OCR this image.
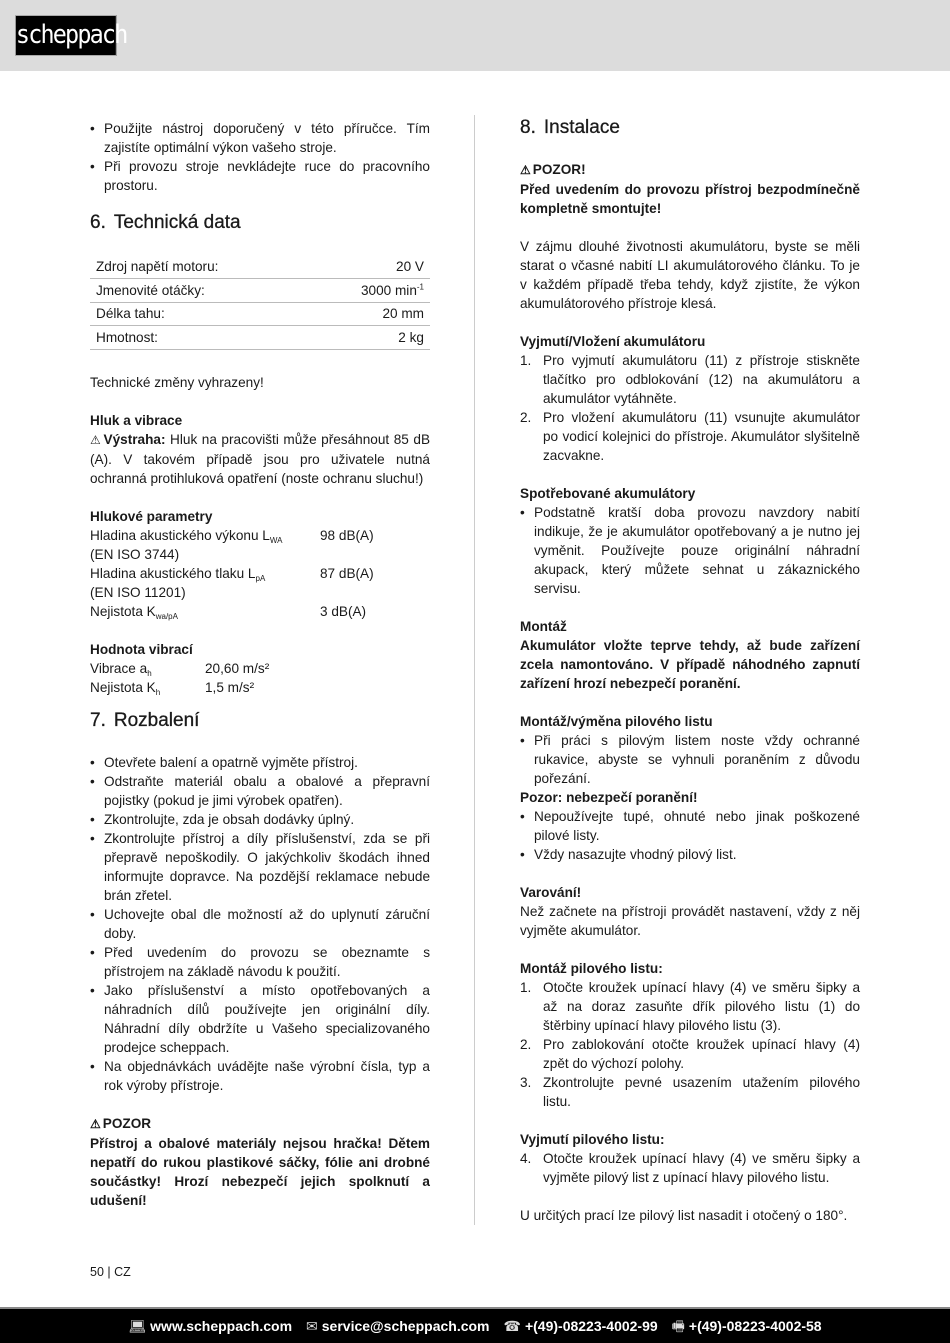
scheppach
• Použijte nástroj doporučený v této příručce. Tím zajistíte optimální výkon vašeho stroje.
• Při provozu stroje nevkládejte ruce do pracovního prostoru.
6. Technická data
Zdroj napětí motoru:	20 V
Jmenovité otáčky:	3000 $\min^{-1}$
Délka tahu:	20 mm
Hmotnost:	2 kg

Technické změny vyhrazeny!

Hluk a vibrace

⚠ Výstraha: Hluk na pracovišti může přesáhnout 85 dB (A). V takovém případě jsou pro uživatele nutná ochranná protihluková opatření (noste ochranu sluchu!)

Hlukové parametry

Hladina akustického výkonu $L_{WA}$	98 dB(A)
(EN ISO 3744)
Hladina akustického tlaku $L_{pA}$	87 dB(A)
(EN ISO 11201)
Nejistota $K_{wa/pA}$	3 dB(A)

Hodnota vibrací

Vibrace $a_h$	20,60 m/s²
Nejistota $K_h$	1,5 m/s²
7. Rozbalení
• Otevřete balení a opatrně vyjměte přístroj.
• Odstraňte materiál obalu a obalové a přepravní pojistky (pokud je jimi výrobek opatřen).
• Zkontrolujte, zda je obsah dodávky úplný.
• Zkontrolujte přístroj a díly příslušenství, zda se při přepravě nepoškodily. O jakýchkoliv škodách ihned informujte dopravce. Na pozdější reklamace nebude brán zřetel.
• Uchovejte obal dle možností až do uplynutí záruční doby.
• Před uvedením do provozu se obeznamte s přístrojem na základě návodu k použití.
• Jako příslušenství a místo opotřebovaných a náhradních dílů používejte jen originální díly. Náhradní díly obdržíte u Vašeho specializovaného prodejce scheppach.
• Na objednávkách uvádějte naše výrobní čísla, typ a rok výroby přístroje.

⚠ POZOR

Přístroj a obalové materiály nejsou hračka! Dětem nepatří do rukou plastikové sáčky, fólie ani drobné součástky! Hrozí nebezpečí jejich spolknutí a udušení!

8. Instalace

⚠ POZOR!

Před uvedením do provozu přístroj bezpodmínečně kompletně smontujte!

V zájmu dlouhé životnosti akumulátoru, byste se měli starat o včasné nabití LI akumulátorového článku. To je v každém případě třeba tehdy, když zjistíte, že výkon akumulátorového přístroje klesá.

Vyjmutí/Vložení akumulátoru

1. Pro vyjmutí akumulátoru (11) z přístroje stiskněte tlačítko pro odblokování (12) na akumulátoru a akumulátor vytáhněte.
2. Pro vložení akumulátoru (11) vsunujte akumulátor po vodicí kolejnici do přístroje. Akumulátor slyšitelně zacvakne.

Spotřebované akumulátory

• Podstatně kratší doba provozu navzdory nabití indikuje, že je akumulátor opotřebovaný a je nutno jej vyměnit. Používejte pouze originální náhradní akupack, který můžete sehnat u zákaznického servisu.

Montáž

Akumulátor vložte teprve tehdy, až bude zařízení zcela namontováno. V případě náhodného zapnutí zařízení hrozí nebezpečí poranění.

Montáž/výměna pilového listu

• Při práci s pilovým listem noste vždy ochranné rukavice, abyste se vyhnuli poraněním z důvodu pořezání.

Pozor: nebezpečí poranění!

• Nepoužívejte tupé, ohnuté nebo jinak poškozené pilové listy.
• Vždy nasazujte vhodný pilový list.

Varování!

Než začnete na přístroji provádět nastavení, vždy z něj vyjměte akumulátor.

Montáž pilového listu:

1. Otočte kroužek upínací hlavy (4) ve směru šipky a až na doraz zasuňte dřík pilového listu (1) do štěrbiny upínací hlavy pilového listu (3).
2. Pro zablokování otočte kroužek upínací hlavy (4) zpět do výchozí polohy.
3. Zkontrolujte pevné usazením utažením pilového listu.

Vyjmutí pilového listu:

4. Otočte kroužek upínací hlavy (4) ve směru šipky a vyjměte pilový list z upínací hlavy pilového listu.

U určitých prací lze pilový list nasadit i otočený o 180°.

50 | CZ
💻︎ www.scheppach.com ✉︎ service@scheppach.com ☎ +(49)-08223-4002-99 🖷︎ +(49)-08223-4002-58
